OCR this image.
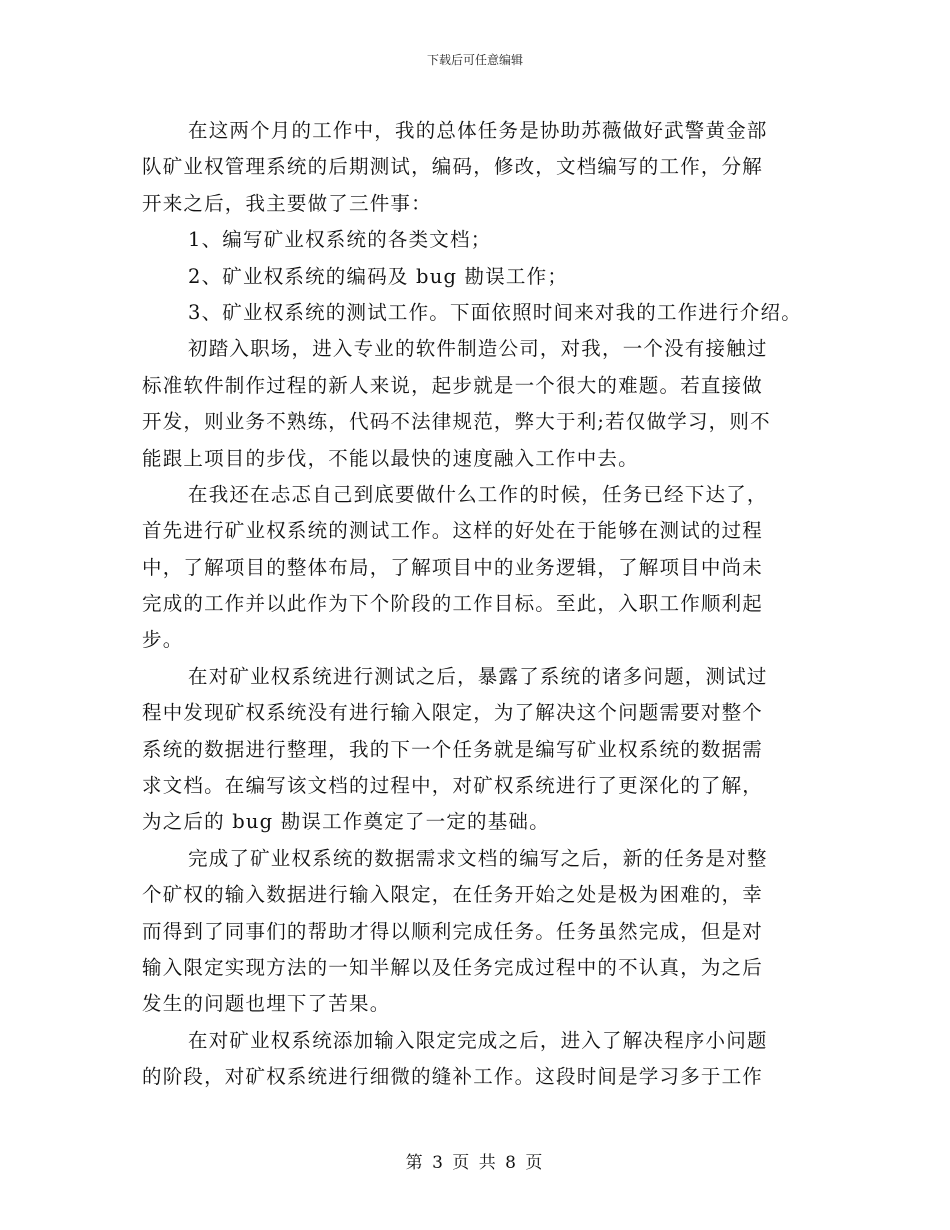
下载后可任意编辑

在这两个月的工作中，我的总体任务是协助苏薇做好武警黄金部
队矿业权管理系统的后期测试，编码，修改，文档编写的工作，分解
开来之后，我主要做了三件事：

1、编写矿业权系统的各类文档；

2、矿业权系统的编码及 bug 勘误工作；

3、矿业权系统的测试工作。下面依照时间来对我的工作进行介绍。

初踏入职场，进入专业的软件制造公司，对我，一个没有接触过
标准软件制作过程的新人来说，起步就是一个很大的难题。若直接做
开发，则业务不熟练，代码不法律规范，弊大于利;若仅做学习，则不
能跟上项目的步伐，不能以最快的速度融入工作中去。

在我还在忐忑自己到底要做什么工作的时候，任务已经下达了，
首先进行矿业权系统的测试工作。这样的好处在于能够在测试的过程
中，了解项目的整体布局，了解项目中的业务逻辑，了解项目中尚未
完成的工作并以此作为下个阶段的工作目标。至此，入职工作顺利起
步。

在对矿业权系统进行测试之后，暴露了系统的诸多问题，测试过
程中发现矿权系统没有进行输入限定，为了解决这个问题需要对整个
系统的数据进行整理，我的下一个任务就是编写矿业权系统的数据需
求文档。在编写该文档的过程中，对矿权系统进行了更深化的了解，
为之后的 bug 勘误工作奠定了一定的基础。

完成了矿业权系统的数据需求文档的编写之后，新的任务是对整
个矿权的输入数据进行输入限定，在任务开始之处是极为困难的，幸
而得到了同事们的帮助才得以顺利完成任务。任务虽然完成，但是对
输入限定实现方法的一知半解以及任务完成过程中的不认真，为之后
发生的问题也埋下了苦果。

在对矿业权系统添加输入限定完成之后，进入了解决程序小问题
的阶段，对矿权系统进行细微的缝补工作。这段时间是学习多于工作

第 3 页 共 8 页
